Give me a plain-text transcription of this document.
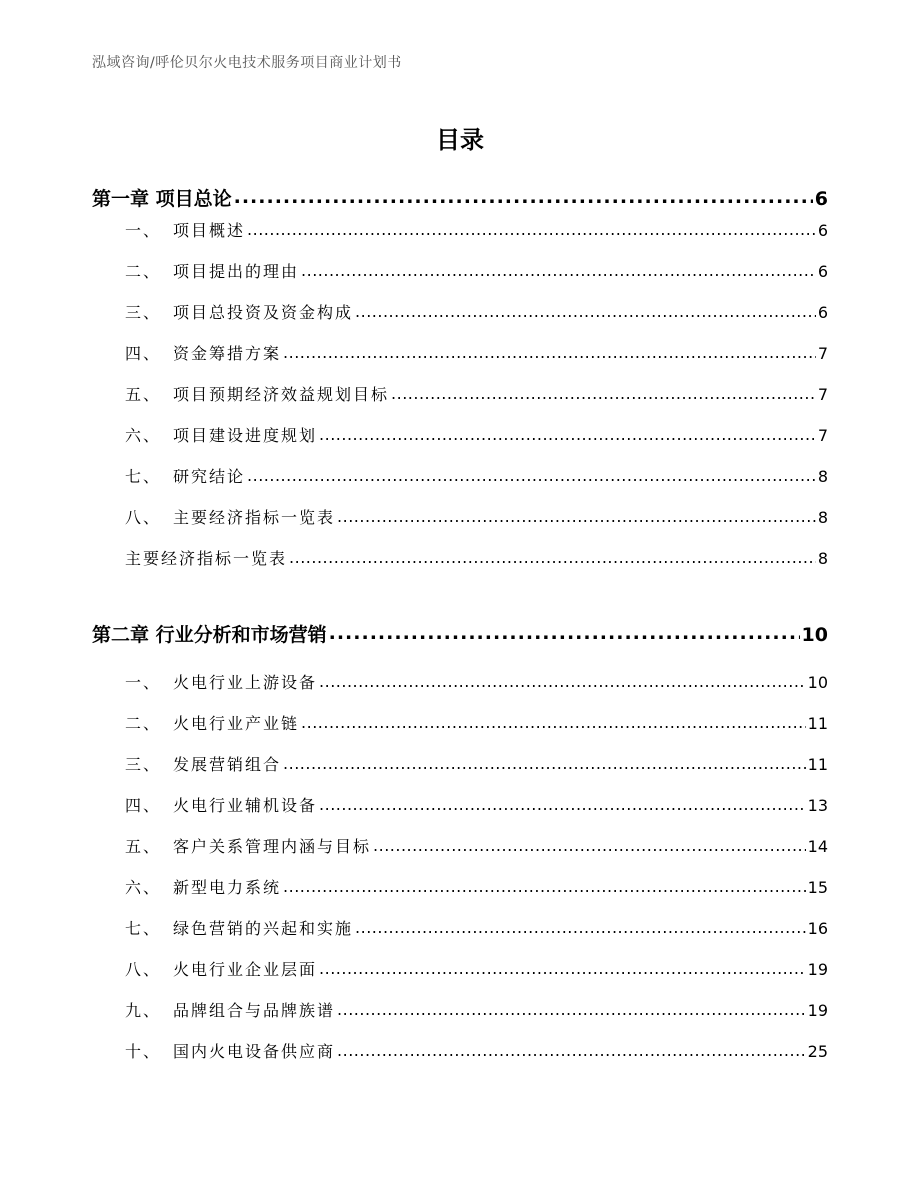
泓域咨询/呼伦贝尔火电技术服务项目商业计划书
目录
第一章 项目总论 .....	6
一、 项目概述 .....	6
二、 项目提出的理由 .....	6
三、 项目总投资及资金构成 .....	6
四、 资金筹措方案 .....	7
五、 项目预期经济效益规划目标 .....	7
六、 项目建设进度规划 .....	7
七、 研究结论 .....	8
八、 主要经济指标一览表 .....	8
主要经济指标一览表 .....	8
第二章 行业分析和市场营销 .....	10
一、 火电行业上游设备 .....	10
二、 火电行业产业链 .....	11
三、 发展营销组合 .....	11
四、 火电行业辅机设备 .....	13
五、 客户关系管理内涵与目标 .....	14
六、 新型电力系统 .....	15
七、 绿色营销的兴起和实施 .....	16
八、 火电行业企业层面 .....	19
九、 品牌组合与品牌族谱 .....	19
十、 国内火电设备供应商 .....	25
